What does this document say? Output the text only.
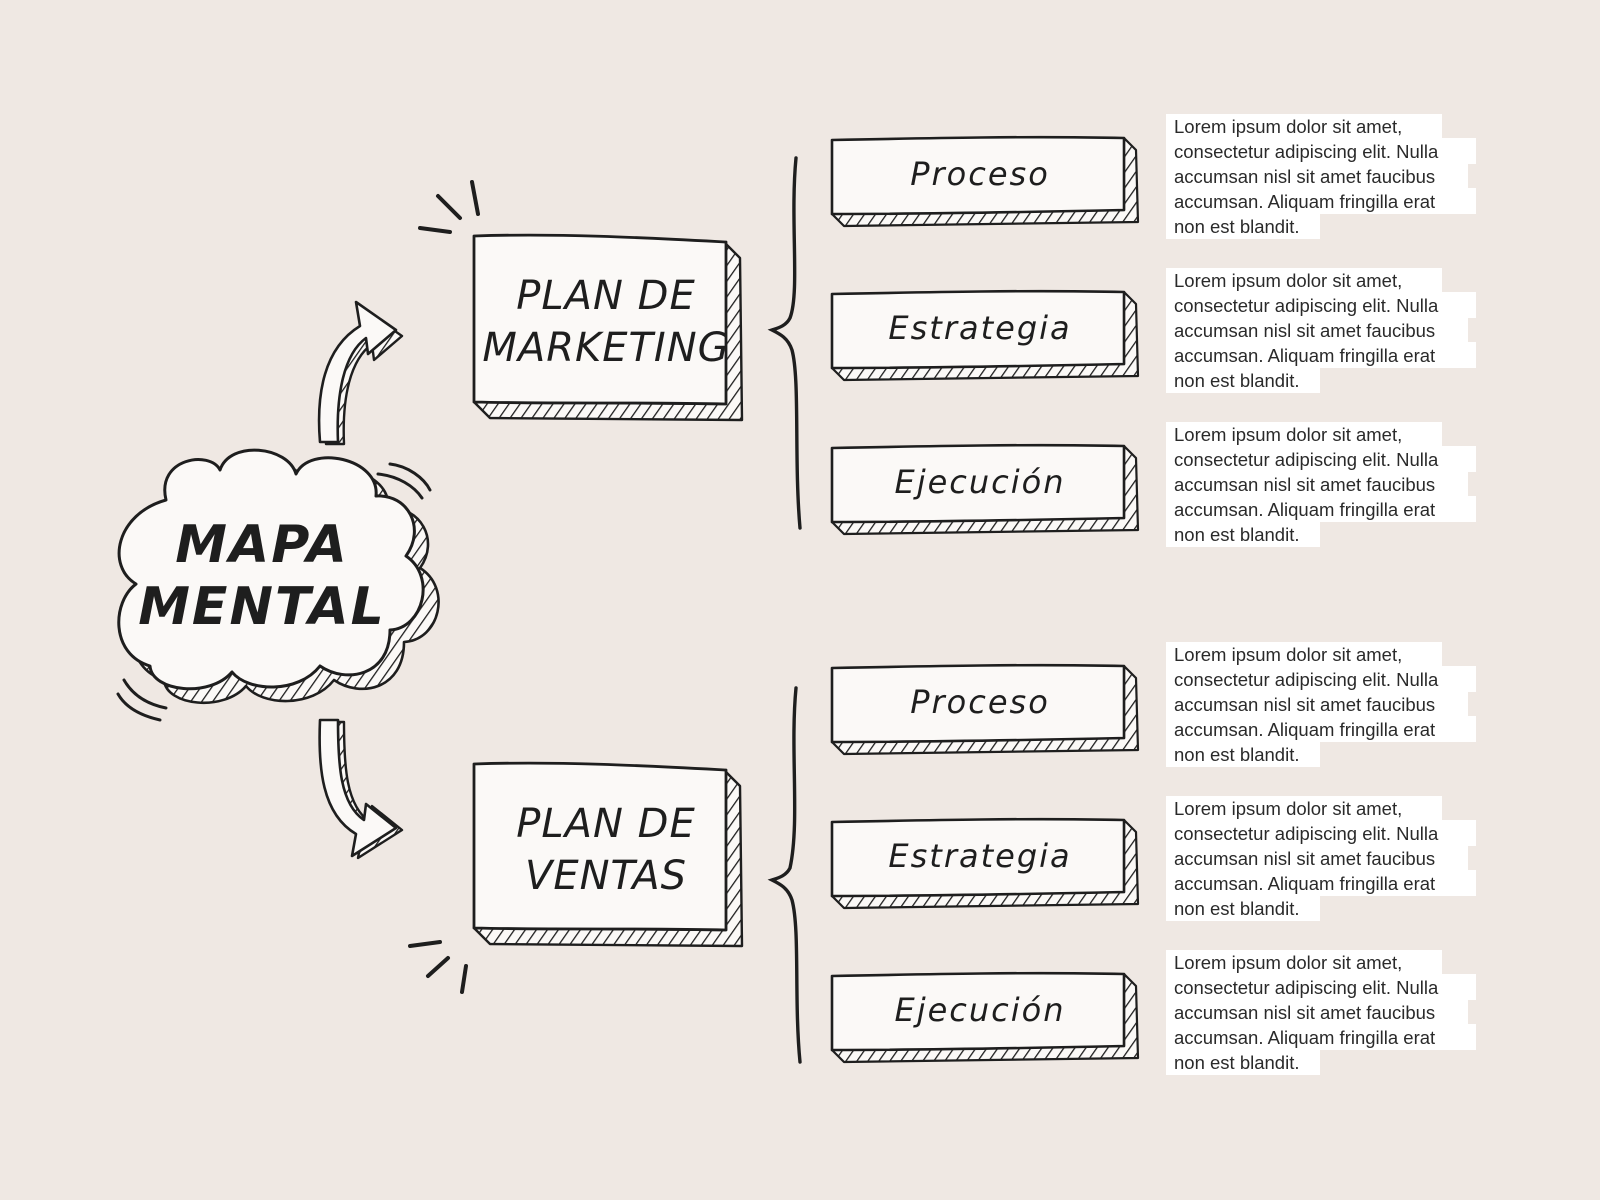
MAPA
MENTAL
PLAN DE
MARKETING
PLAN DE
VENTAS
Proceso
Estrategia
Ejecución
Proceso
Estrategia
Ejecución
Lorem ipsum dolor sit amet,
consectetur adipiscing elit. Nulla
accumsan nisl sit amet faucibus
accumsan. Aliquam fringilla erat
non est blandit.
Lorem ipsum dolor sit amet,
consectetur adipiscing elit. Nulla
accumsan nisl sit amet faucibus
accumsan. Aliquam fringilla erat
non est blandit.
Lorem ipsum dolor sit amet,
consectetur adipiscing elit. Nulla
accumsan nisl sit amet faucibus
accumsan. Aliquam fringilla erat
non est blandit.
Lorem ipsum dolor sit amet,
consectetur adipiscing elit. Nulla
accumsan nisl sit amet faucibus
accumsan. Aliquam fringilla erat
non est blandit.
Lorem ipsum dolor sit amet,
consectetur adipiscing elit. Nulla
accumsan nisl sit amet faucibus
accumsan. Aliquam fringilla erat
non est blandit.
Lorem ipsum dolor sit amet,
consectetur adipiscing elit. Nulla
accumsan nisl sit amet faucibus
accumsan. Aliquam fringilla erat
non est blandit.
